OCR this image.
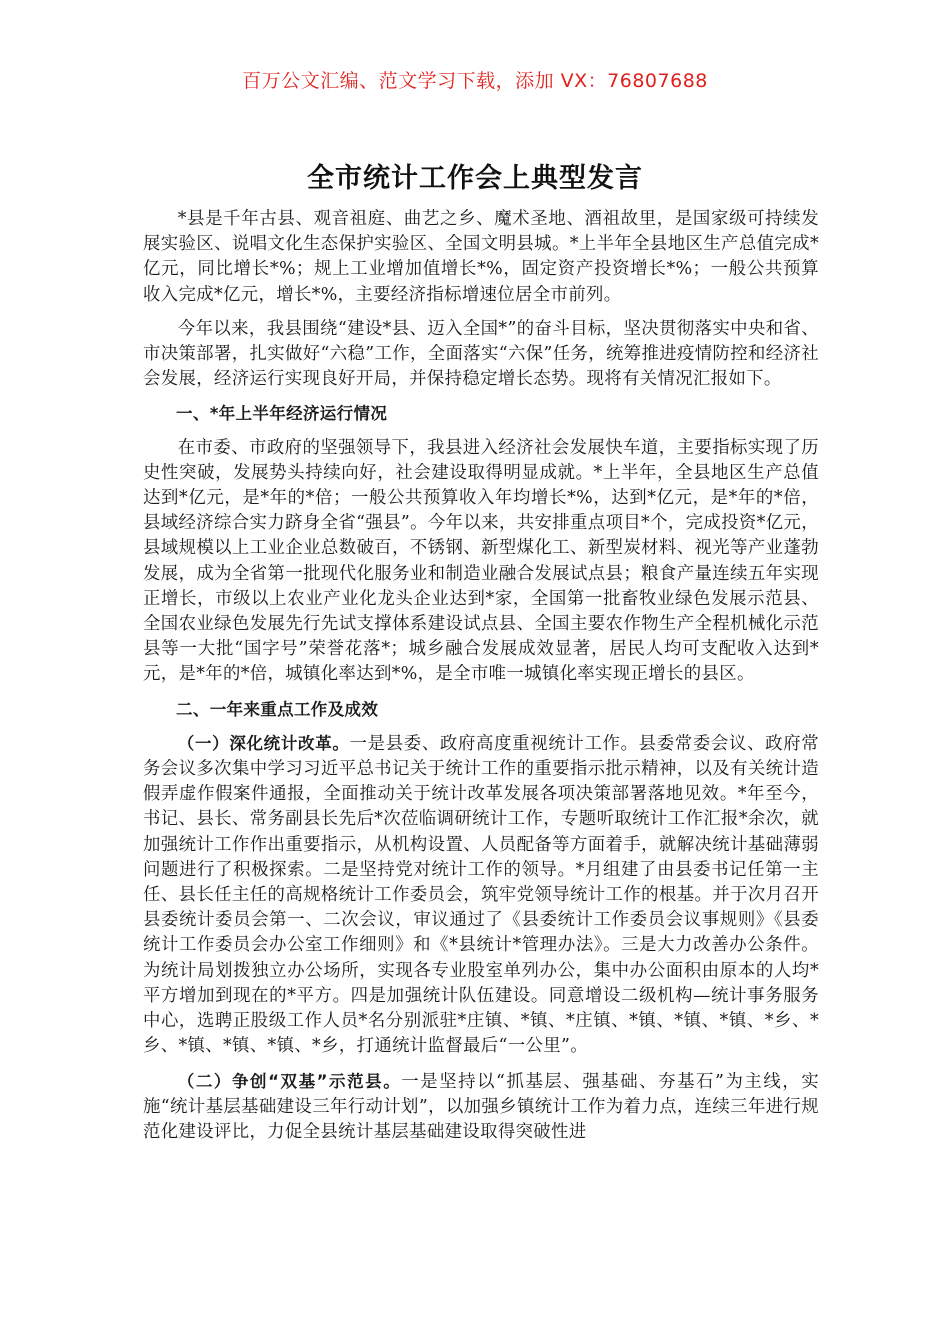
百万公文汇编、范文学习下载，添加 VX：76807688
全市统计工作会上典型发言

*县是千年古县、观音祖庭、曲艺之乡、魔术圣地、酒祖故里，是国家级可持续发展实验区、说唱文化生态保护实验区、全国文明县城。*上半年全县地区生产总值完成*亿元，同比增长*%；规上工业增加值增长*%，固定资产投资增长*%；一般公共预算收入完成*亿元，增长*%，主要经济指标增速位居全市前列。

今年以来，我县围绕“建设*县、迈入全国*”的奋斗目标，坚决贯彻落实中央和省、市决策部署，扎实做好“六稳”工作，全面落实“六保”任务，统筹推进疫情防控和经济社会发展，经济运行实现良好开局，并保持稳定增长态势。现将有关情况汇报如下。

一、*年上半年经济运行情况

在市委、市政府的坚强领导下，我县进入经济社会发展快车道，主要指标实现了历史性突破，发展势头持续向好，社会建设取得明显成就。*上半年，全县地区生产总值达到*亿元，是*年的*倍；一般公共预算收入年均增长*%，达到*亿元，是*年的*倍，县域经济综合实力跻身全省“强县”。今年以来，共安排重点项目*个，完成投资*亿元，县域规模以上工业企业总数破百，不锈钢、新型煤化工、新型炭材料、视光等产业蓬勃发展，成为全省第一批现代化服务业和制造业融合发展试点县；粮食产量连续五年实现正增长，市级以上农业产业化龙头企业达到*家，全国第一批畜牧业绿色发展示范县、全国农业绿色发展先行先试支撑体系建设试点县、全国主要农作物生产全程机械化示范县等一大批“国字号”荣誉花落*；城乡融合发展成效显著，居民人均可支配收入达到*元，是*年的*倍，城镇化率达到*%，是全市唯一城镇化率实现正增长的县区。

二、一年来重点工作及成效

（一）深化统计改革。一是县委、政府高度重视统计工作。县委常委会议、政府常务会议多次集中学习习近平总书记关于统计工作的重要指示批示精神，以及有关统计造假弄虚作假案件通报，全面推动关于统计改革发展各项决策部署落地见效。*年至今，书记、县长、常务副县长先后*次莅临调研统计工作，专题听取统计工作汇报*余次，就加强统计工作作出重要指示，从机构设置、人员配备等方面着手，就解决统计基础薄弱问题进行了积极探索。二是坚持党对统计工作的领导。*月组建了由县委书记任第一主任、县长任主任的高规格统计工作委员会，筑牢党领导统计工作的根基。并于次月召开县委统计委员会第一、二次会议，审议通过了《县委统计工作委员会议事规则》《县委统计工作委员会办公室工作细则》和《*县统计*管理办法》。三是大力改善办公条件。为统计局划拨独立办公场所，实现各专业股室单列办公，集中办公面积由原本的人均*平方增加到现在的*平方。四是加强统计队伍建设。同意增设二级机构—统计事务服务中心，选聘正股级工作人员*名分别派驻*庄镇、*镇、*庄镇、*镇、*镇、*镇、*乡、*乡、*镇、*镇、*镇、*乡，打通统计监督最后“一公里”。

（二）争创“双基”示范县。一是坚持以“抓基层、强基础、夯基石”为主线，实施“统计基层基础建设三年行动计划”，以加强乡镇统计工作为着力点，连续三年进行规范化建设评比，力促全县统计基层基础建设取得突破性进
